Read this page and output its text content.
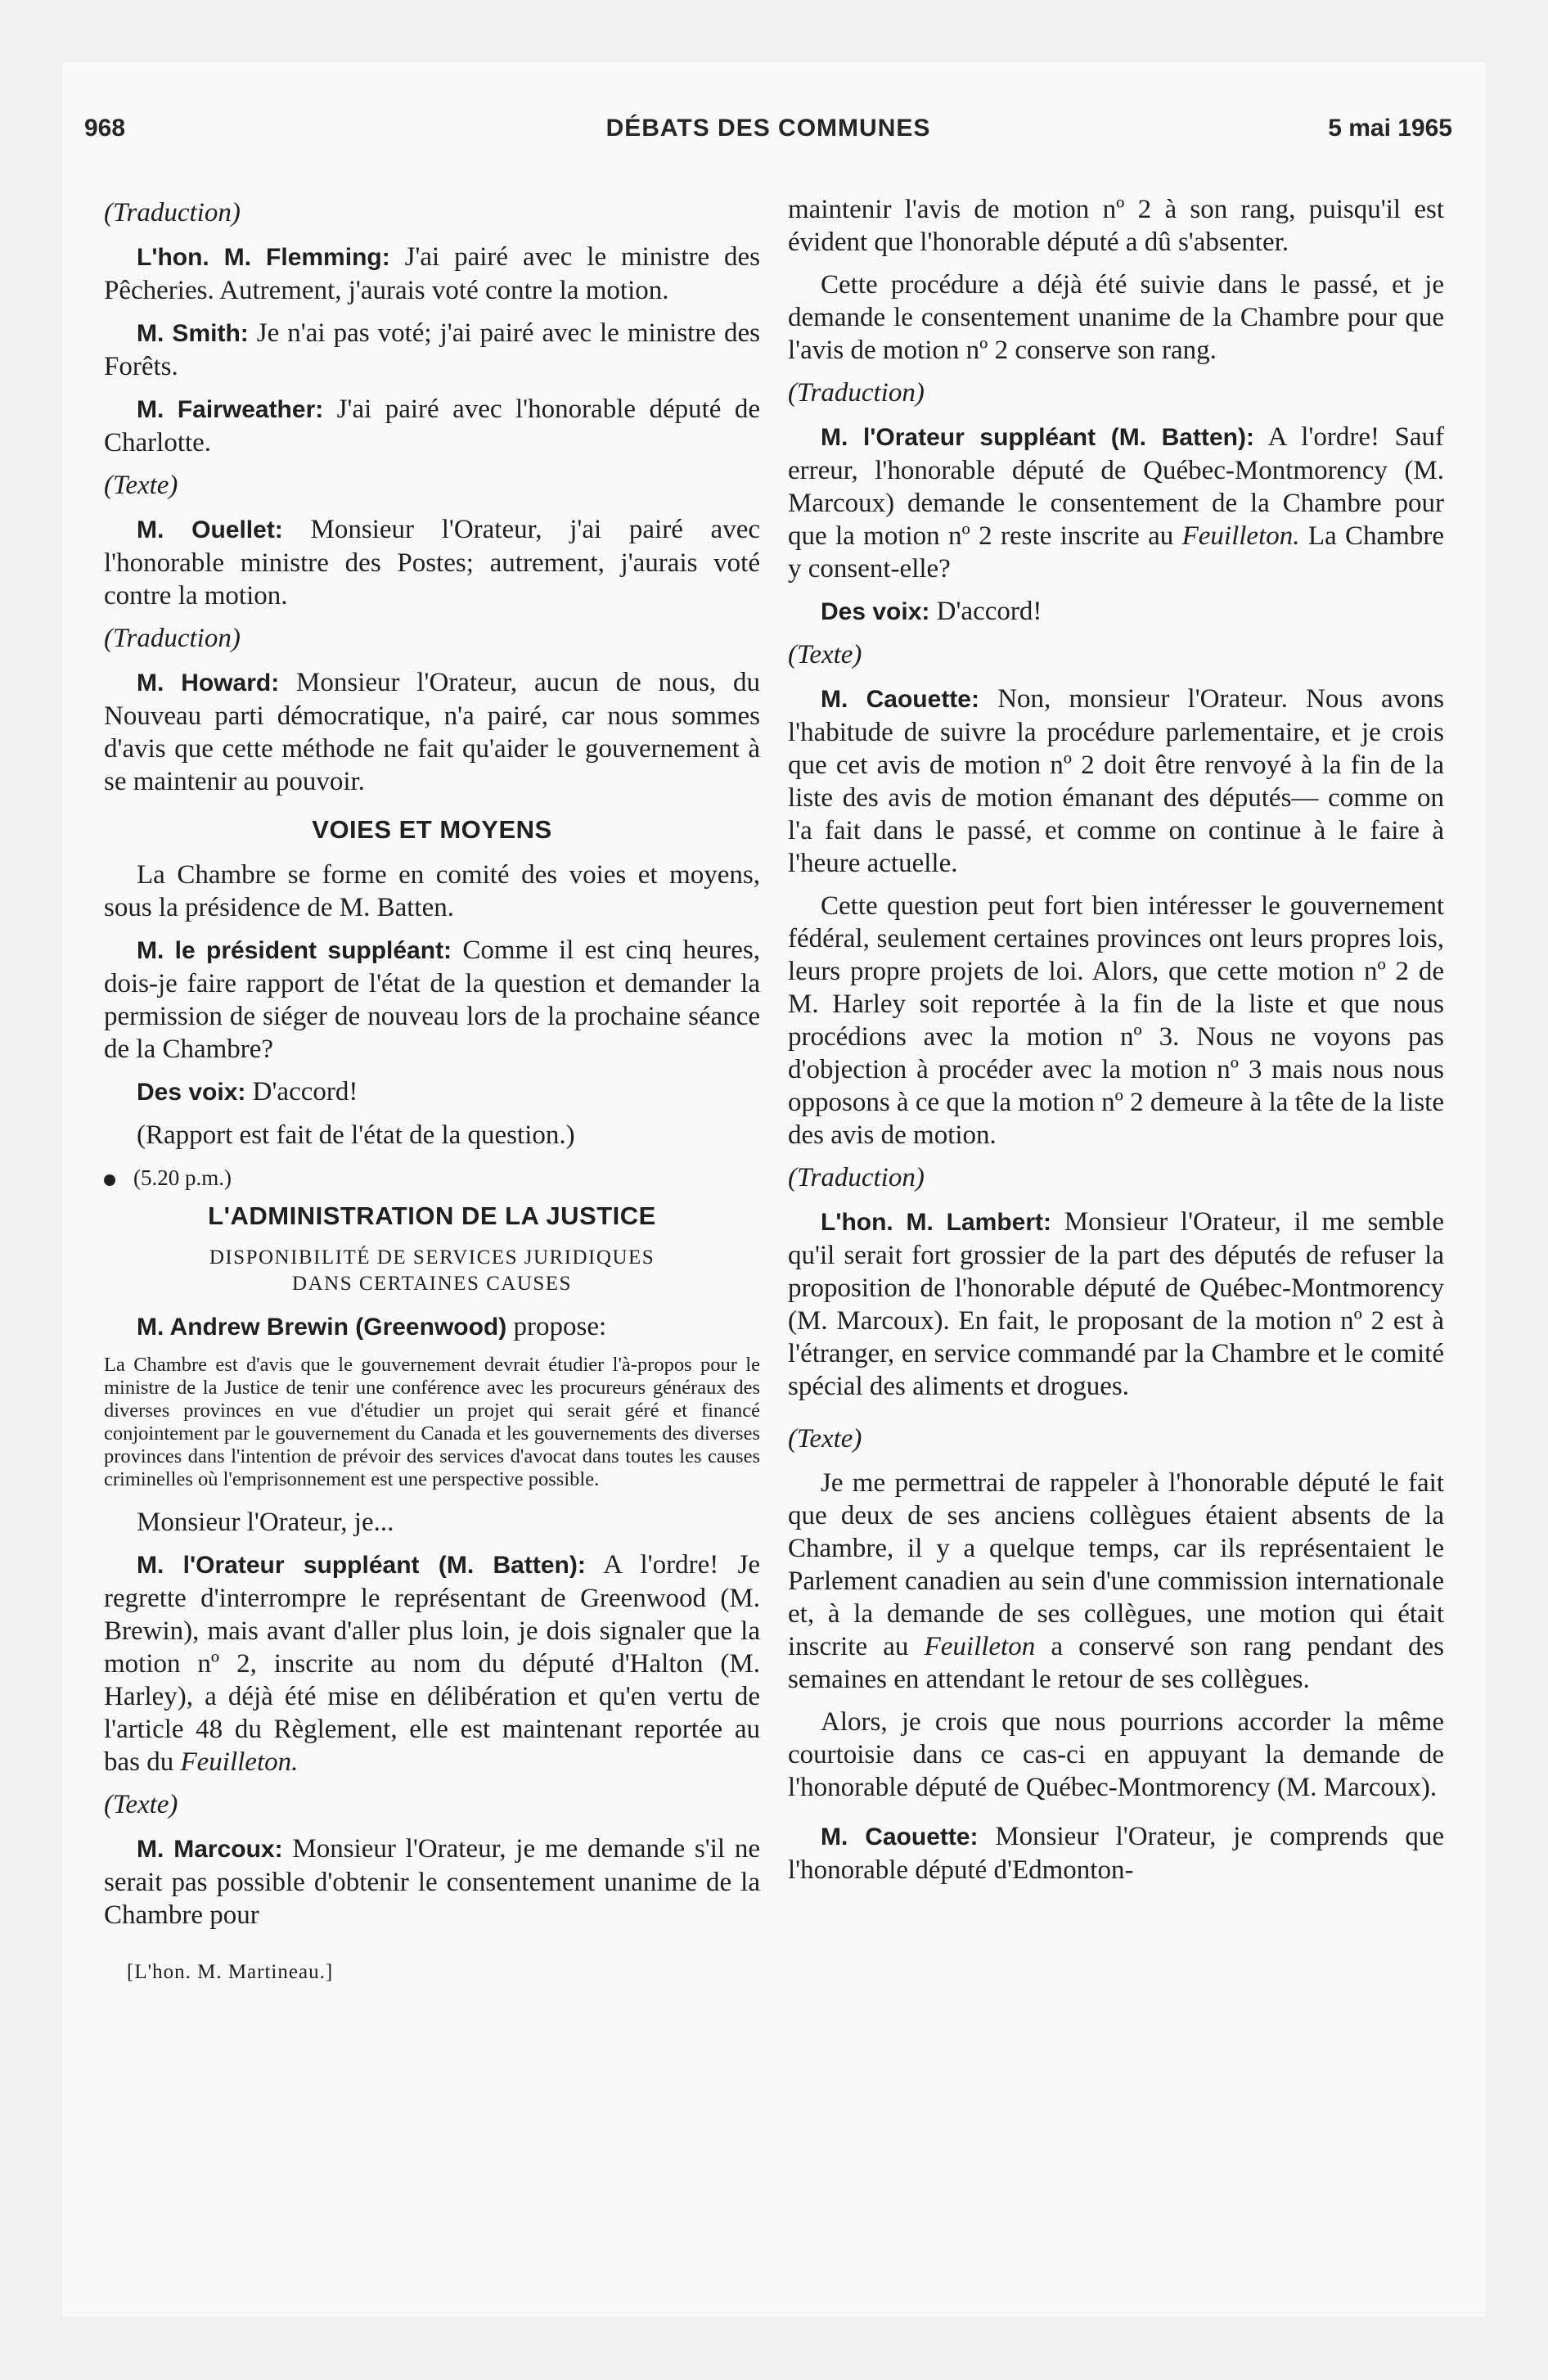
968	DÉBATS DES COMMUNES	5 mai 1965

(Traduction)

L'hon. M. Flemming: J'ai pairé avec le ministre des Pêcheries. Autrement, j'aurais voté contre la motion.

M. Smith: Je n'ai pas voté; j'ai pairé avec le ministre des Forêts.

M. Fairweather: J'ai pairé avec l'honorable député de Charlotte.

(Texte)

M. Ouellet: Monsieur l'Orateur, j'ai pairé avec l'honorable ministre des Postes; autrement, j'aurais voté contre la motion.

(Traduction)

M. Howard: Monsieur l'Orateur, aucun de nous, du Nouveau parti démocratique, n'a pairé, car nous sommes d'avis que cette méthode ne fait qu'aider le gouvernement à se maintenir au pouvoir.

VOIES ET MOYENS

La Chambre se forme en comité des voies et moyens, sous la présidence de M. Batten.

M. le président suppléant: Comme il est cinq heures, dois-je faire rapport de l'état de la question et demander la permission de siéger de nouveau lors de la prochaine séance de la Chambre?

Des voix: D'accord!

(Rapport est fait de l'état de la question.)

(5.20 p.m.)

L'ADMINISTRATION DE LA JUSTICE
DISPONIBILITÉ DE SERVICES JURIDIQUES
DANS CERTAINES CAUSES

M. Andrew Brewin (Greenwood) propose:

La Chambre est d'avis que le gouvernement devrait étudier l'à-propos pour le ministre de la Justice de tenir une conférence avec les procureurs généraux des diverses provinces en vue d'étudier un projet qui serait géré et financé conjointement par le gouvernement du Canada et les gouvernements des diverses provinces dans l'intention de prévoir des services d'avocat dans toutes les causes criminelles où l'emprisonnement est une perspective possible.

Monsieur l'Orateur, je...

M. l'Orateur suppléant (M. Batten): A l'ordre! Je regrette d'interrompre le représentant de Greenwood (M. Brewin), mais avant d'aller plus loin, je dois signaler que la motion nº 2, inscrite au nom du député d'Halton (M. Harley), a déjà été mise en délibération et qu'en vertu de l'article 48 du Règlement, elle est maintenant reportée au bas du Feuilleton.

(Texte)

M. Marcoux: Monsieur l'Orateur, je me demande s'il ne serait pas possible d'obtenir le consentement unanime de la Chambre pour

[L'hon. M. Martineau.]

maintenir l'avis de motion nº 2 à son rang, puisqu'il est évident que l'honorable député a dû s'absenter.

Cette procédure a déjà été suivie dans le passé, et je demande le consentement unanime de la Chambre pour que l'avis de motion nº 2 conserve son rang.

(Traduction)

M. l'Orateur suppléant (M. Batten): A l'ordre! Sauf erreur, l'honorable député de Québec-Montmorency (M. Marcoux) demande le consentement de la Chambre pour que la motion nº 2 reste inscrite au Feuilleton. La Chambre y consent-elle?

Des voix: D'accord!

(Texte)

M. Caouette: Non, monsieur l'Orateur. Nous avons l'habitude de suivre la procédure parlementaire, et je crois que cet avis de motion nº 2 doit être renvoyé à la fin de la liste des avis de motion émanant des députés— comme on l'a fait dans le passé, et comme on continue à le faire à l'heure actuelle.

Cette question peut fort bien intéresser le gouvernement fédéral, seulement certaines provinces ont leurs propres lois, leurs propre projets de loi. Alors, que cette motion nº 2 de M. Harley soit reportée à la fin de la liste et que nous procédions avec la motion nº 3. Nous ne voyons pas d'objection à procéder avec la motion nº 3 mais nous nous opposons à ce que la motion nº 2 demeure à la tête de la liste des avis de motion.

(Traduction)

L'hon. M. Lambert: Monsieur l'Orateur, il me semble qu'il serait fort grossier de la part des députés de refuser la proposition de l'honorable député de Québec-Montmorency (M. Marcoux). En fait, le proposant de la motion nº 2 est à l'étranger, en service commandé par la Chambre et le comité spécial des aliments et drogues.

(Texte)

Je me permettrai de rappeler à l'honorable député le fait que deux de ses anciens collègues étaient absents de la Chambre, il y a quelque temps, car ils représentaient le Parlement canadien au sein d'une commission internationale et, à la demande de ses collègues, une motion qui était inscrite au Feuilleton a conservé son rang pendant des semaines en attendant le retour de ses collègues.

Alors, je crois que nous pourrions accorder la même courtoisie dans ce cas-ci en appuyant la demande de l'honorable député de Québec-Montmorency (M. Marcoux).

M. Caouette: Monsieur l'Orateur, je comprends que l'honorable député d'Edmonton-
